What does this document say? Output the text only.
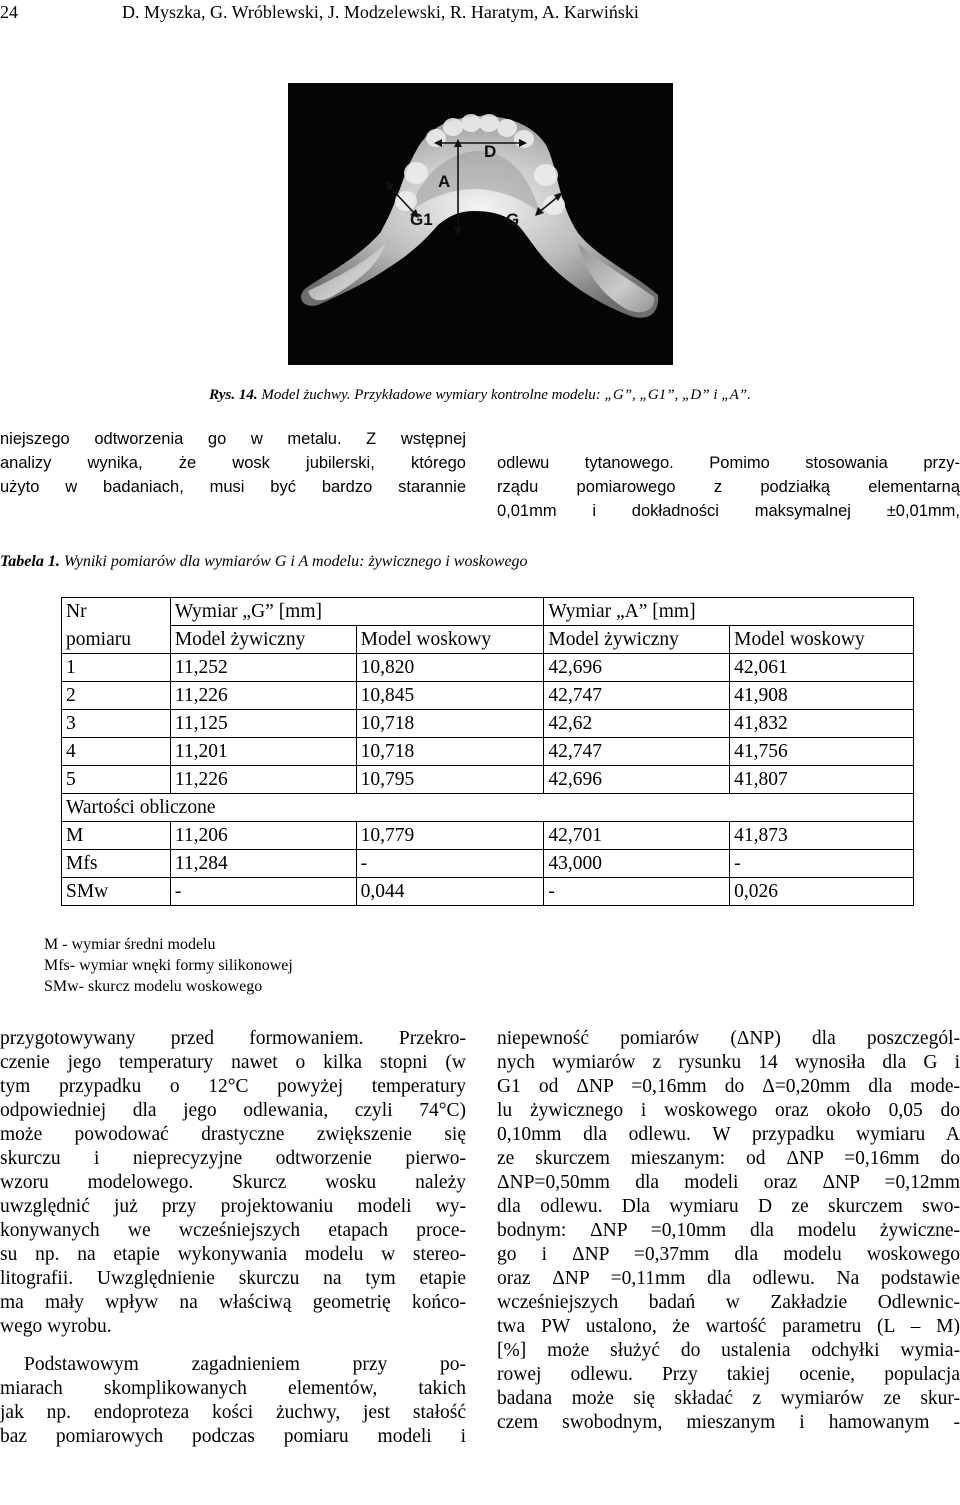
24	D. Myszka, G. Wróblewski, J. Modzelewski, R. Haratym, A. Karwiński
D
A
G1	G
Rys. 14. Model żuchwy. Przykładowe wymiary kontrolne modelu: „G”, „G1”, „D” i „A”.
niejszego odtworzenia go w metalu. Z wstępnej
analizy wynika, że wosk jubilerski, którego
użyto w badaniach, musi być bardzo starannie
odlewu tytanowego. Pomimo stosowania przy-
rządu pomiarowego z podziałką elementarną
0,01mm i dokładności maksymalnej ±0,01mm,
Tabela 1. Wyniki pomiarów dla wymiarów G i A modelu: żywicznego i woskowego
Nr	Wymiar „G” [mm]		Wymiar „A” [mm]	
pomiaru	Model żywiczny	Model woskowy	Model żywiczny	Model woskowy
1	11,252	10,820	42,696	42,061
2	11,226	10,845	42,747	41,908
3	11,125	10,718	42,62	41,832
4	11,201	10,718	42,747	41,756
5	11,226	10,795	42,696	41,807
Wartości obliczone				
M	11,206	10,779	42,701	41,873
Mfs	11,284	-	43,000	-
SMw	-	0,044	-	0,026
M - wymiar średni modelu
Mfs- wymiar wnęki formy silikonowej
SMw- skurcz modelu woskowego
przygotowywany przed formowaniem. Przekro-
czenie jego temperatury nawet o kilka stopni (w
tym przypadku o 12°C powyżej temperatury
odpowiedniej dla jego odlewania, czyli 74°C)
może powodować drastyczne zwiększenie się
skurczu i nieprecyzyjne odtworzenie pierwo-
wzoru modelowego. Skurcz wosku należy
uwzględnić już przy projektowaniu modeli wy-
konywanych we wcześniejszych etapach proce-
su np. na etapie wykonywania modelu w stereo-
litografii. Uwzględnienie skurczu na tym etapie
ma mały wpływ na właściwą geometrię końco-
wego wyrobu.
Podstawowym zagadnieniem przy po-
miarach skomplikowanych elementów, takich
jak np. endoproteza kości żuchwy, jest stałość
baz pomiarowych podczas pomiaru modeli i
niepewność pomiarów (ΔNP) dla poszczegól-
nych wymiarów z rysunku 14 wynosiła dla G i
G1 od ΔNP =0,16mm do Δ=0,20mm dla mode-
lu żywicznego i woskowego oraz około 0,05 do
0,10mm dla odlewu. W przypadku wymiaru A
ze skurczem mieszanym: od ΔNP =0,16mm do
ΔNP=0,50mm dla modeli oraz ΔNP =0,12mm
dla odlewu. Dla wymiaru D ze skurczem swo-
bodnym: ΔNP =0,10mm dla modelu żywiczne-
go i ΔNP =0,37mm dla modelu woskowego
oraz ΔNP =0,11mm dla odlewu. Na podstawie
wcześniejszych badań w Zakładzie Odlewnic-
twa PW ustalono, że wartość parametru (L – M)
[%] może służyć do ustalenia odchyłki wymia-
rowej odlewu. Przy takiej ocenie, populacja
badana może się składać z wymiarów ze skur-
czem swobodnym, mieszanym i hamowanym -
